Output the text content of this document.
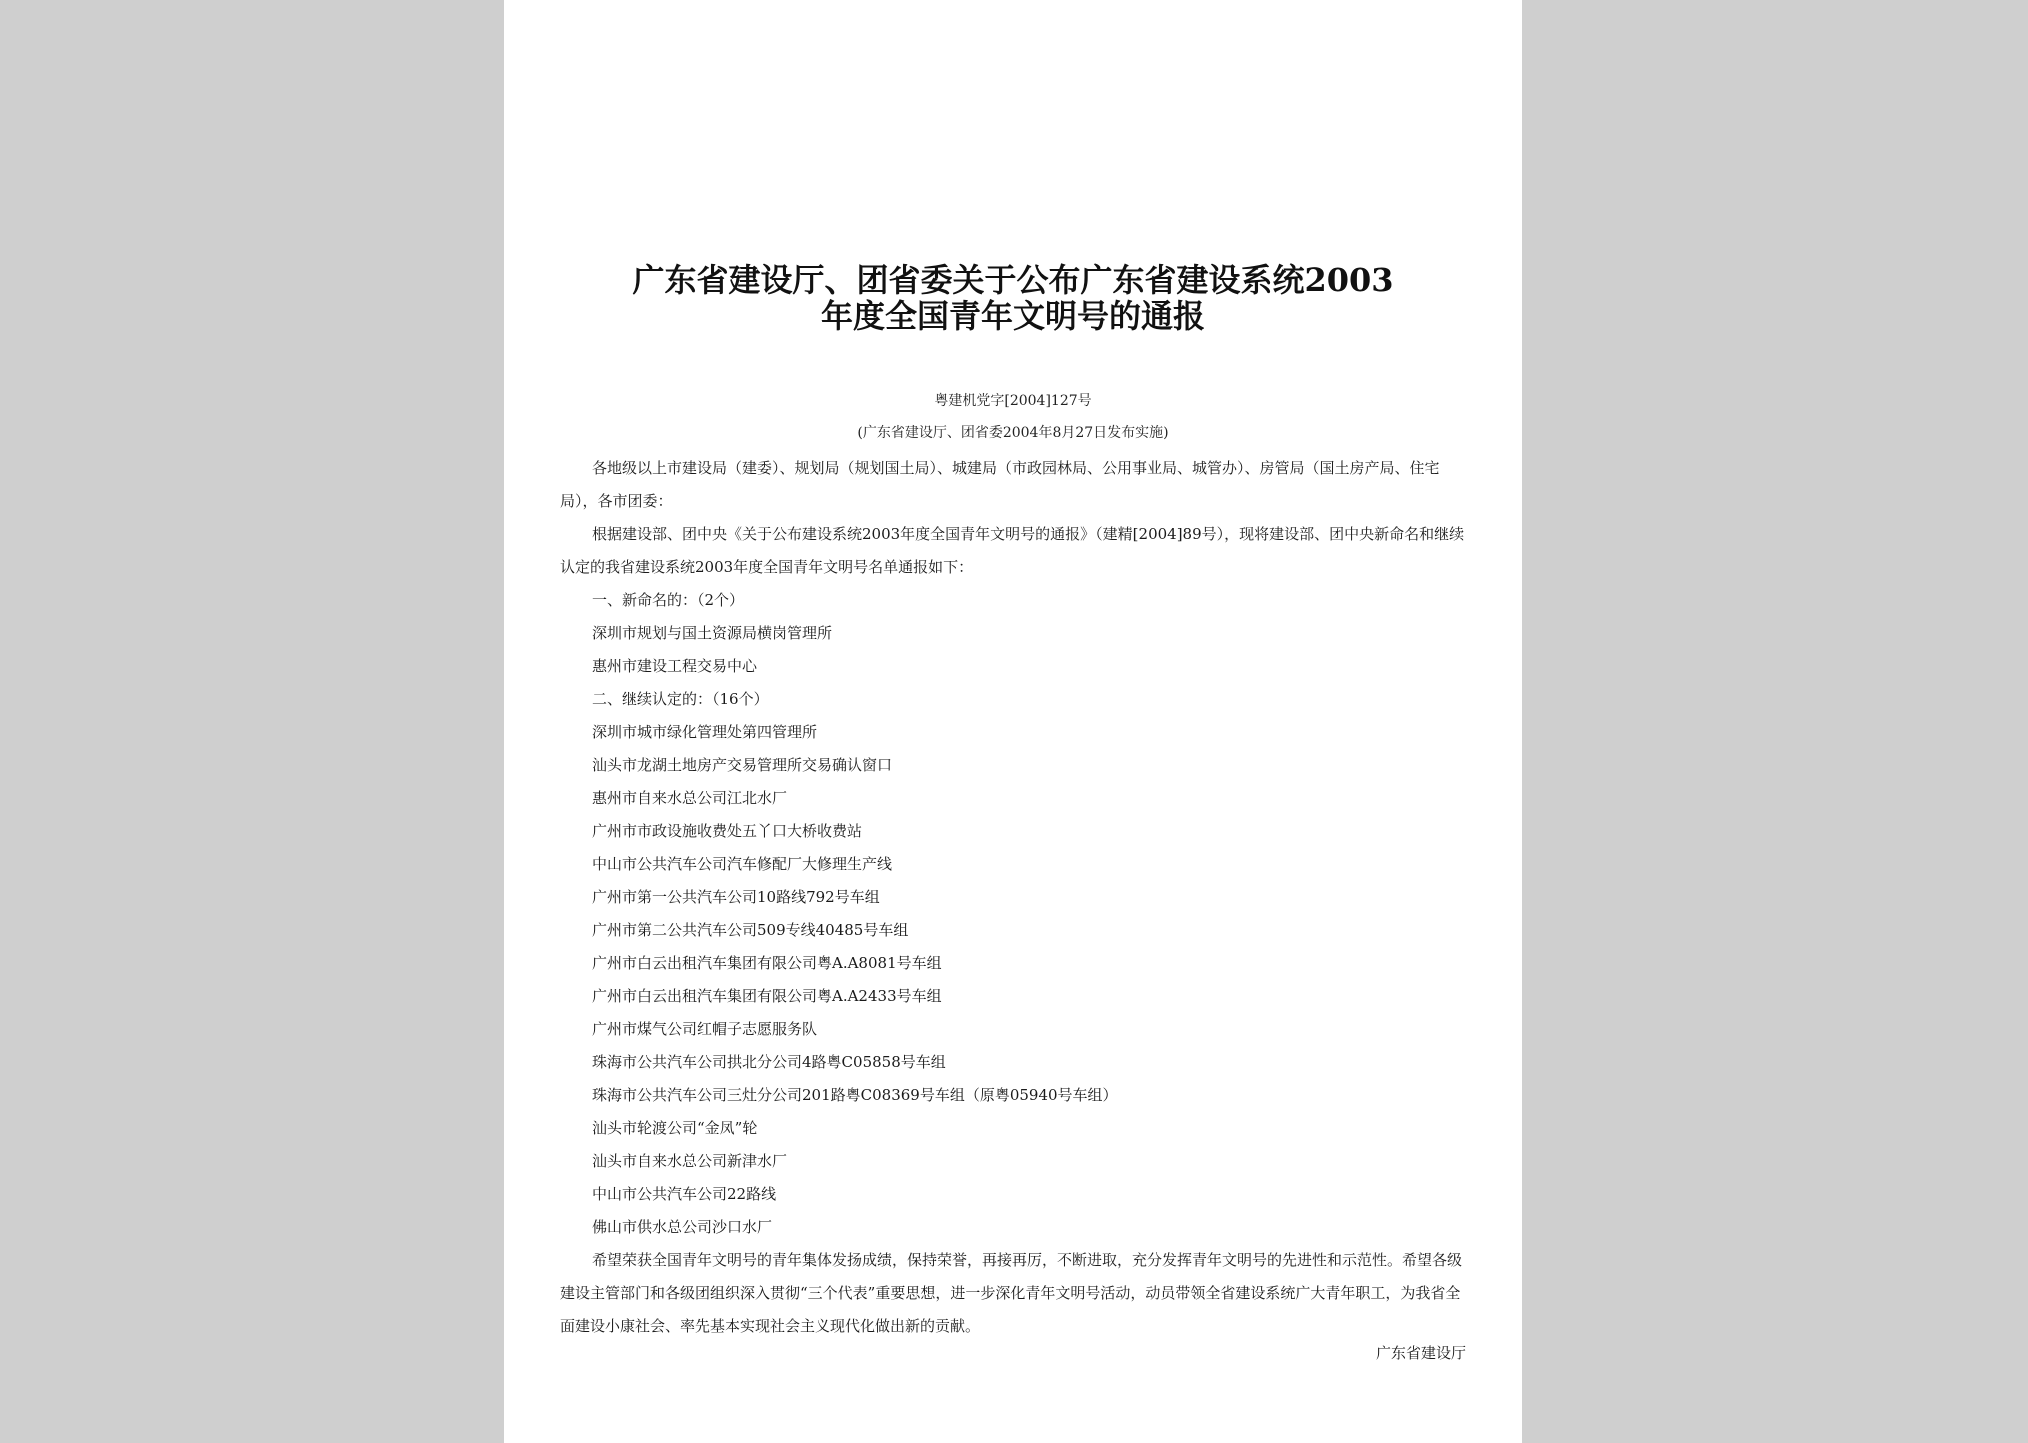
广东省建设厅、团省委关于公布广东省建设系统2003
年度全国青年文明号的通报
粤建机党字[2004]127号
(广东省建设厅、团省委2004年8月27日发布实施)

各地级以上市建设局（建委）、规划局（规划国土局）、城建局（市政园林局、公用事业局、城管办）、房管局（国土房产局、住宅局），各市团委：

根据建设部、团中央《关于公布建设系统2003年度全国青年文明号的通报》（建精[2004]89号），现将建设部、团中央新命名和继续认定的我省建设系统2003年度全国青年文明号名单通报如下：

一、新命名的：（2个）

深圳市规划与国土资源局横岗管理所

惠州市建设工程交易中心

二、继续认定的：（16个）

深圳市城市绿化管理处第四管理所

汕头市龙湖土地房产交易管理所交易确认窗口

惠州市自来水总公司江北水厂

广州市市政设施收费处五丫口大桥收费站

中山市公共汽车公司汽车修配厂大修理生产线

广州市第一公共汽车公司10路线792号车组

广州市第二公共汽车公司509专线40485号车组

广州市白云出租汽车集团有限公司粤A.A8081号车组

广州市白云出租汽车集团有限公司粤A.A2433号车组

广州市煤气公司红帽子志愿服务队

珠海市公共汽车公司拱北分公司4路粤C05858号车组

珠海市公共汽车公司三灶分公司201路粤C08369号车组（原粤05940号车组）

汕头市轮渡公司“金凤”轮

汕头市自来水总公司新津水厂

中山市公共汽车公司22路线

佛山市供水总公司沙口水厂

希望荣获全国青年文明号的青年集体发扬成绩，保持荣誉，再接再厉，不断进取，充分发挥青年文明号的先进性和示范性。希望各级建设主管部门和各级团组织深入贯彻“三个代表”重要思想，进一步深化青年文明号活动，动员带领全省建设系统广大青年职工，为我省全面建设小康社会、率先基本实现社会主义现代化做出新的贡献。

广东省建设厅
